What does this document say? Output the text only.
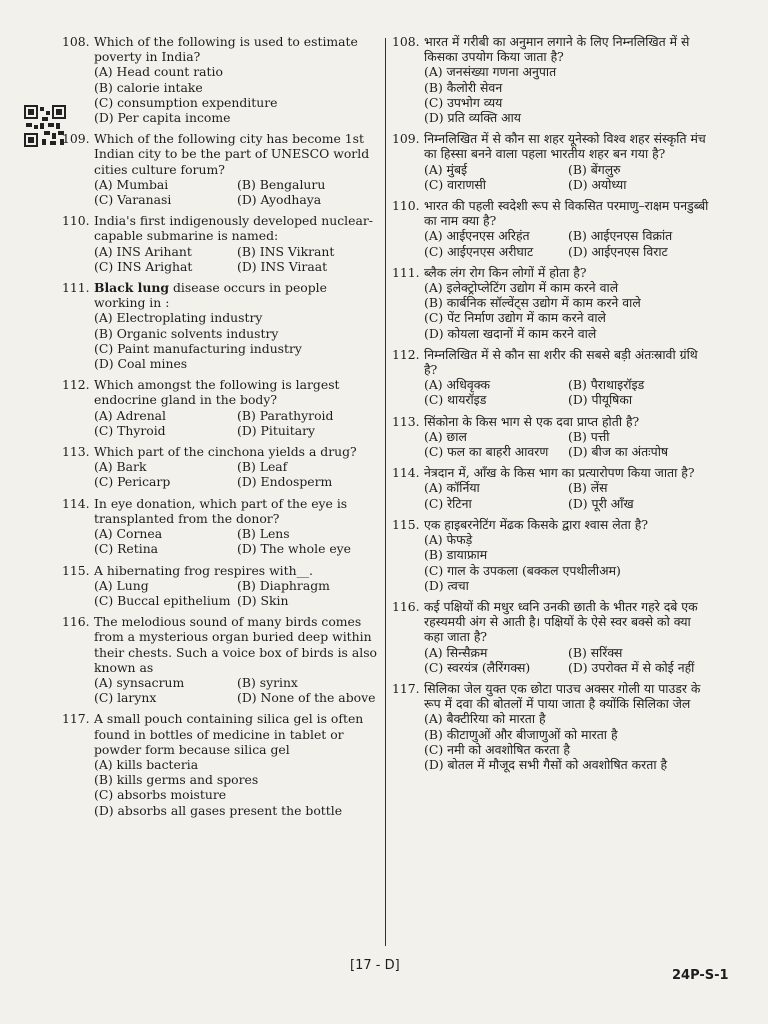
108. Which of the following is used to estimate poverty in India?
(A) Head count ratio
(B) calorie intake
(C) consumption expenditure
(D) Per capita income
109. Which of the following city has become 1st Indian city to be the part of UNESCO world cities culture forum?
(A) Mumbai	(B) Bengaluru
(C) Varanasi	(D) Ayodhaya
110. India's first indigenously developed nuclear-capable submarine is named:
(A) INS Arihant	(B) INS Vikrant
(C) INS Arighat	(D) INS Viraat
111. Black lung disease occurs in people working in :
(A) Electroplating industry
(B) Organic solvents industry
(C) Paint manufacturing industry
(D) Coal mines
112. Which amongst the following is largest endocrine gland in the body?
(A) Adrenal	(B) Parathyroid
(C) Thyroid	(D) Pituitary
113. Which part of the cinchona yields a drug?
(A) Bark	(B) Leaf
(C) Pericarp	(D) Endosperm
114. In eye donation, which part of the eye is transplanted from the donor?
(A) Cornea	(B) Lens
(C) Retina	(D) The whole eye
115. A hibernating frog respires with__.
(A) Lung	(B) Diaphragm
(C) Buccal epithelium (D) Skin
116. The melodious sound of many birds comes from a mysterious organ buried deep within their chests. Such a voice box of birds is also known as
(A) synsacrum	(B) syrinx
(C) larynx	(D) None of the above
117. A small pouch containing silica gel is often found in bottles of medicine in tablet or powder form because silica gel
(A) kills bacteria
(B) kills germs and spores
(C) absorbs moisture
(D) absorbs all gases present the bottle
108. भारत में गरीबी का अनुमान लगाने के लिए निम्नलिखित में से किसका उपयोग किया जाता है?
(A) जनसंख्या गणना अनुपात
(B) कैलोरी सेवन
(C) उपभोग व्यय
(D) प्रति व्यक्ति आय
109. निम्नलिखित में से कौन सा शहर यूनेस्को विश्व शहर संस्कृति मंच का हिस्सा बनने वाला पहला भारतीय शहर बन गया है?
(A) मुंबई	(B) बेंगलुरु
(C) वाराणसी	(D) अयोध्या
110. भारत की पहली स्वदेशी रूप से विकसित परमाणु–राक्षम पनडुब्बी का नाम क्या है?
(A) आईएनएस अरिहंत	(B) आईएनएस विक्रांत
(C) आईएनएस अरीघाट	(D) आईएनएस विराट
111. ब्लैक लंग रोग किन लोगों में होता है?
(A) इलेक्ट्रोप्लेटिंग उद्योग में काम करने वाले
(B) कार्बनिक सॉल्वेंट्स उद्योग में काम करने वाले
(C) पेंट निर्माण उद्योग में काम करने वाले
(D) कोयला खदानों में काम करने वाले
112. निम्नलिखित में से कौन सा शरीर की सबसे बड़ी अंतःस्रावी ग्रंथि है?
(A) अधिवृक्क	(B) पैराथाइरॉइड
(C) थायरॉइड	(D) पीयूषिका
113. सिंकोना के किस भाग से एक दवा प्राप्त होती है?
(A) छाल	(B) पत्ती
(C) फल का बाहरी आवरण	(D) बीज का अंतःपोष
114. नेत्रदान में, आँख के किस भाग का प्रत्यारोपण किया जाता है?
(A) कॉर्निया	(B) लेंस
(C) रेटिना	(D) पूरी आँख
115. एक हाइबरनेटिंग मेंढक किसके द्वारा श्वास लेता है?
(A) फेफड़े
(B) डायाफ्राम
(C) गाल के उपकला (बक्कल एपथीलीअम)
(D) त्वचा
116. कई पक्षियों की मधुर ध्वनि उनकी छाती के भीतर गहरे दबे एक रहस्यमयी अंग से आती है। पक्षियों के ऐसे स्वर बक्से को क्या कहा जाता है?
(A) सिन्सैक्रम	(B) सरिंक्स
(C) स्वरयंत्र (लैरिंगक्स)	(D) उपरोक्त में से कोई नहीं
117. सिलिका जेल युक्त एक छोटा पाउच अक्सर गोली या पाउडर के रूप में दवा की बोतलों में पाया जाता है क्योंकि सिलिका जेल
(A) बैक्टीरिया को मारता है
(B) कीटाणुओं और बीजाणुओं को मारता है
(C) नमी को अवशोषित करता है
(D) बोतल में मौजूद सभी गैसों को अवशोषित करता है
[17 - D]
24P-S-1
